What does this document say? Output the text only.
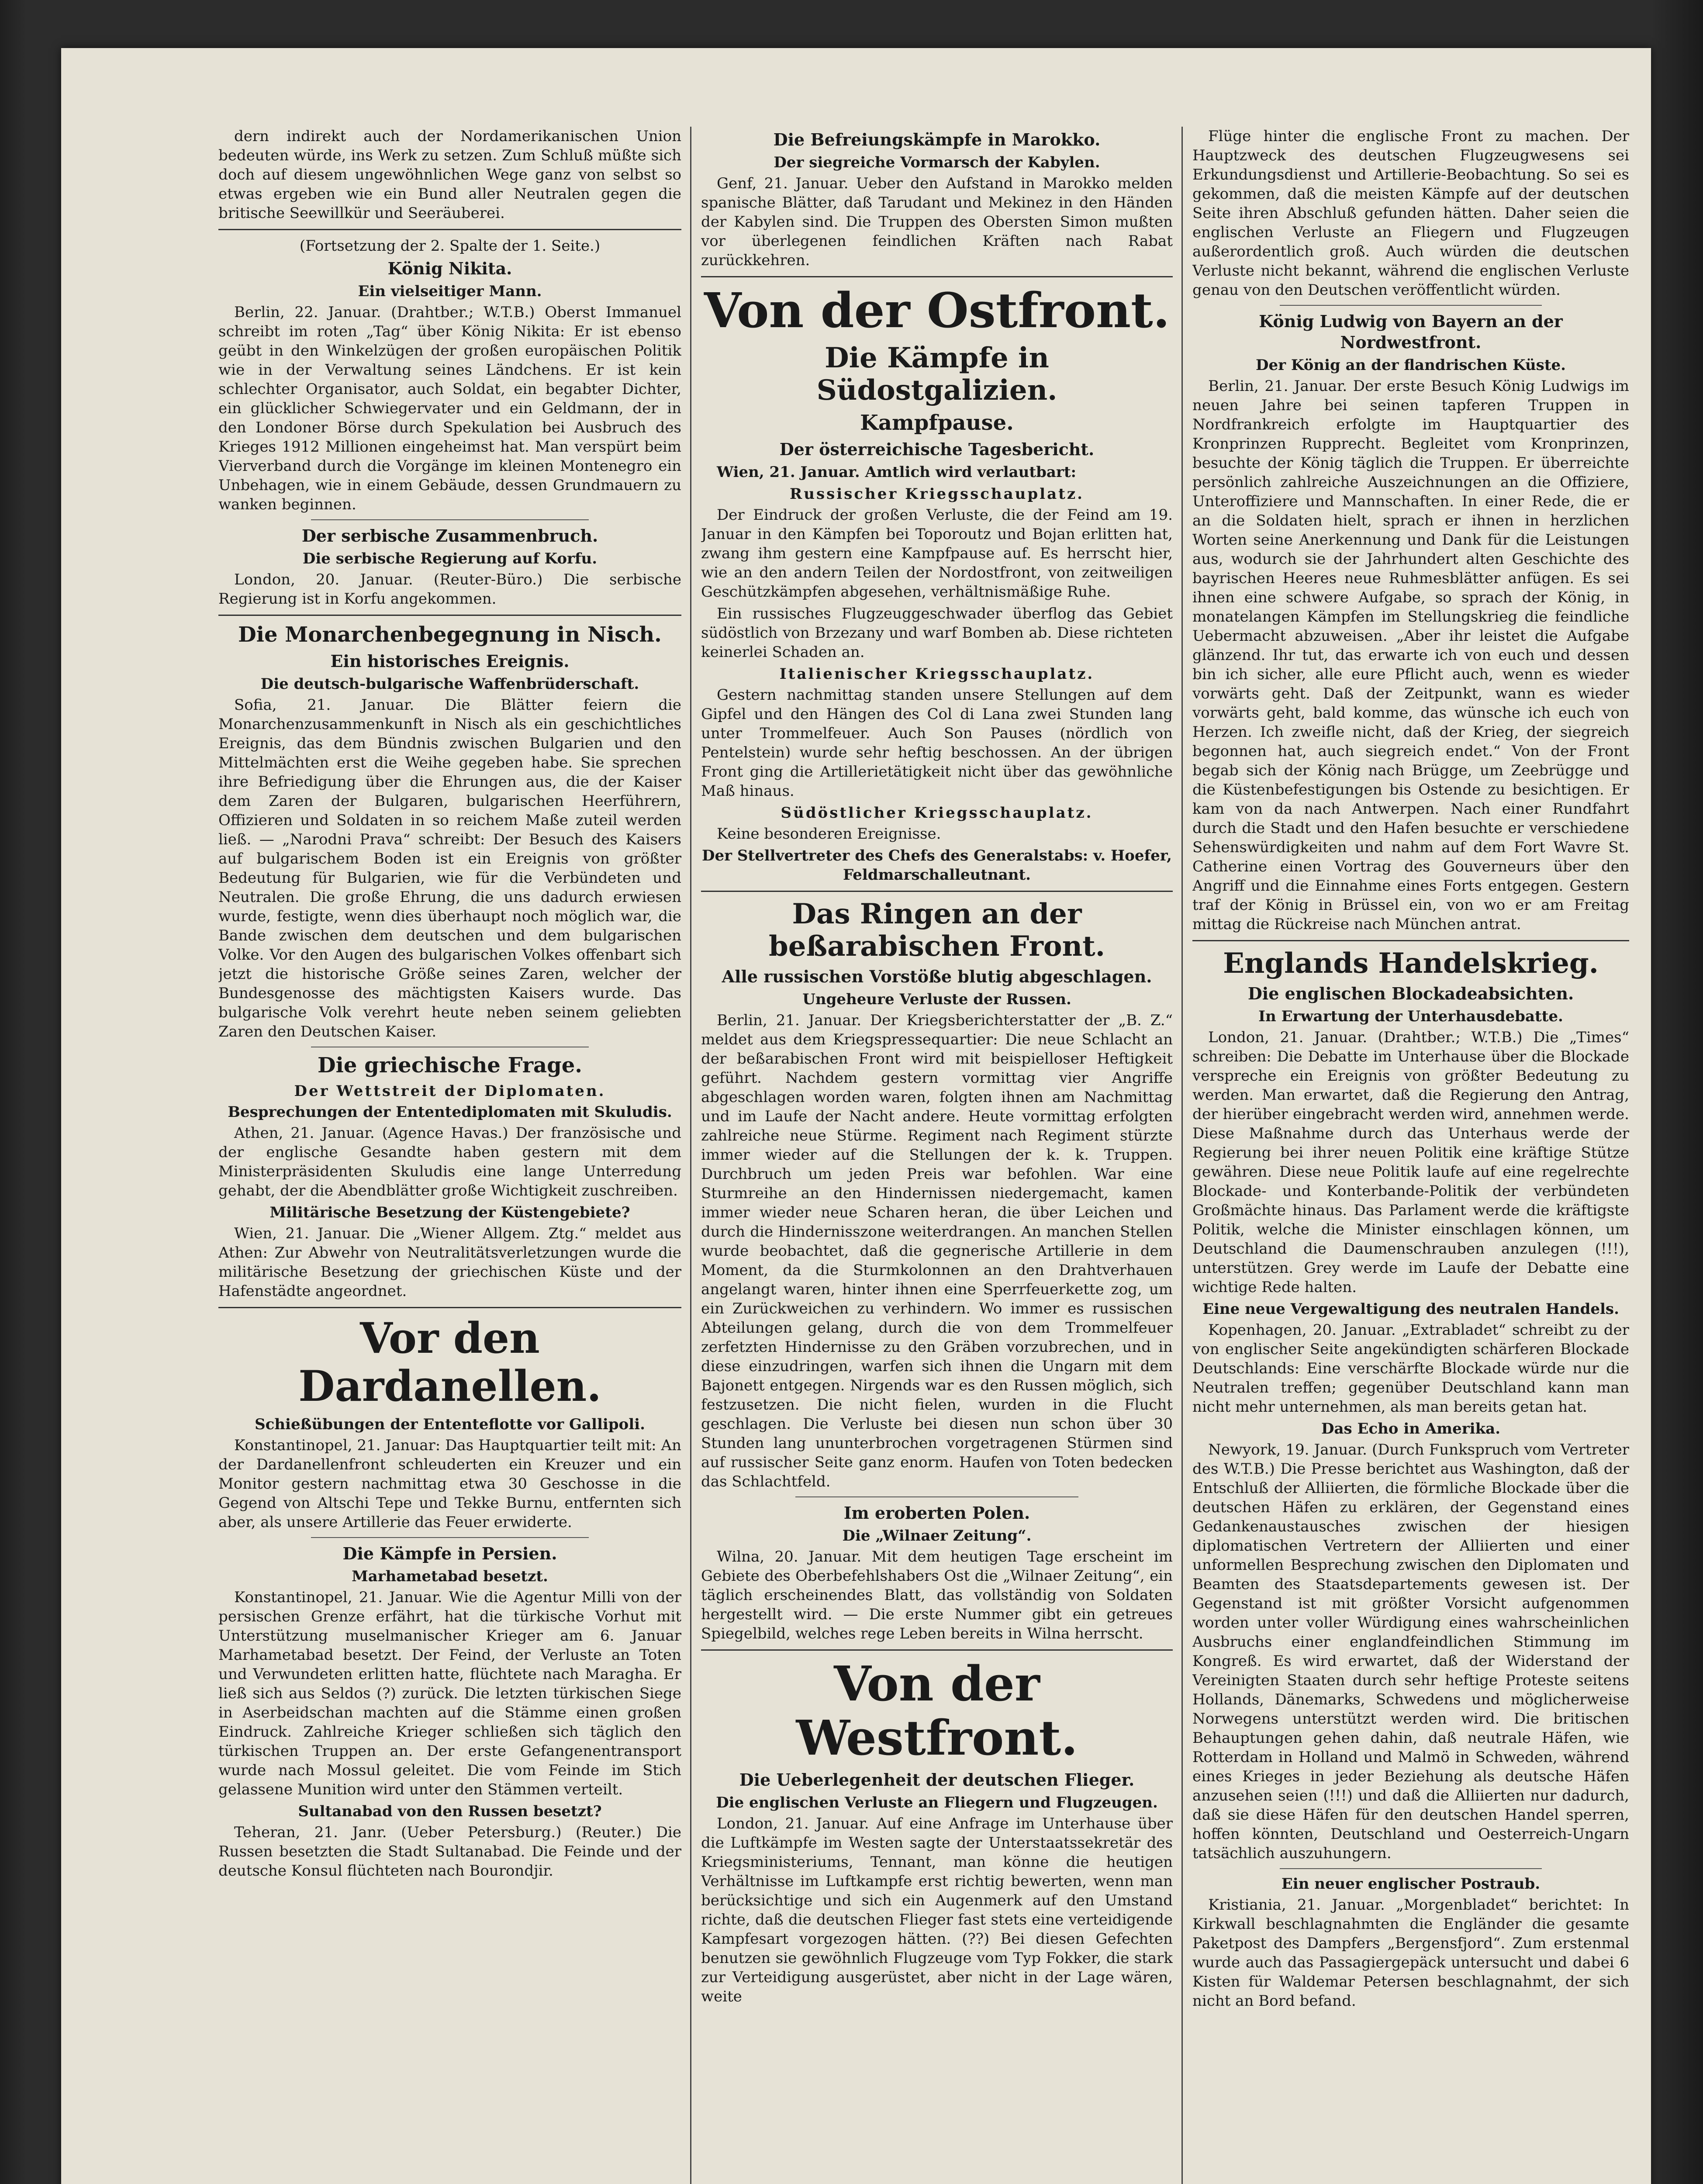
dern indirekt auch der Nordamerikanischen Union bedeuten würde, ins Werk zu setzen. Zum Schluß müßte sich doch auf diesem ungewöhnlichen Wege ganz von selbst so etwas ergeben wie ein Bund aller Neutralen gegen die britische Seewillkür und Seeräuberei.

(Fortsetzung der 2. Spalte der 1. Seite.)

König Nikita.
Ein vielseitiger Mann.

Berlin, 22. Januar. (Drahtber.; W.T.B.) Oberst Immanuel schreibt im roten „Tag“ über König Nikita: Er ist ebenso geübt in den Winkelzügen der großen europäischen Politik wie in der Verwaltung seines Ländchens. Er ist kein schlechter Organisator, auch Soldat, ein begabter Dichter, ein glücklicher Schwiegervater und ein Geldmann, der in den Londoner Börse durch Spekulation bei Ausbruch des Krieges 1912 Millionen eingeheimst hat. Man verspürt beim Vierverband durch die Vorgänge im kleinen Montenegro ein Unbehagen, wie in einem Gebäude, dessen Grundmauern zu wanken beginnen.

Der serbische Zusammenbruch.
Die serbische Regierung auf Korfu.

London, 20. Januar. (Reuter-Büro.) Die serbische Regierung ist in Korfu angekommen.

Die Monarchenbegegnung in Nisch.
Ein historisches Ereignis.
Die deutsch-bulgarische Waffenbrüderschaft.

Sofia, 21. Januar. Die Blätter feiern die Monarchenzusammenkunft in Nisch als ein geschichtliches Ereignis, das dem Bündnis zwischen Bulgarien und den Mittelmächten erst die Weihe gegeben habe. Sie sprechen ihre Befriedigung über die Ehrungen aus, die der Kaiser dem Zaren der Bulgaren, bulgarischen Heerführern, Offizieren und Soldaten in so reichem Maße zuteil werden ließ. — „Narodni Prava“ schreibt: Der Besuch des Kaisers auf bulgarischem Boden ist ein Ereignis von größter Bedeutung für Bulgarien, wie für die Verbündeten und Neutralen. Die große Ehrung, die uns dadurch erwiesen wurde, festigte, wenn dies überhaupt noch möglich war, die Bande zwischen dem deutschen und dem bulgarischen Volke. Vor den Augen des bulgarischen Volkes offenbart sich jetzt die historische Größe seines Zaren, welcher der Bundesgenosse des mächtigsten Kaisers wurde. Das bulgarische Volk verehrt heute neben seinem geliebten Zaren den Deutschen Kaiser.

Die griechische Frage.
Der Wettstreit der Diplomaten.
Besprechungen der Ententediplomaten mit Skuludis.

Athen, 21. Januar. (Agence Havas.) Der französische und der englische Gesandte haben gestern mit dem Ministerpräsidenten Skuludis eine lange Unterredung gehabt, der die Abendblätter große Wichtigkeit zuschreiben.

Militärische Besetzung der Küstengebiete?

Wien, 21. Januar. Die „Wiener Allgem. Ztg.“ meldet aus Athen: Zur Abwehr von Neutralitätsverletzungen wurde die militärische Besetzung der griechischen Küste und der Hafenstädte angeordnet.

Vor den Dardanellen.
Schießübungen der Ententeflotte vor Gallipoli.

Konstantinopel, 21. Januar: Das Hauptquartier teilt mit: An der Dardanellenfront schleuderten ein Kreuzer und ein Monitor gestern nachmittag etwa 30 Geschosse in die Gegend von Altschi Tepe und Tekke Burnu, entfernten sich aber, als unsere Artillerie das Feuer erwiderte.

Die Kämpfe in Persien.
Marhametabad besetzt.

Konstantinopel, 21. Januar. Wie die Agentur Milli von der persischen Grenze erfährt, hat die türkische Vorhut mit Unterstützung muselmanischer Krieger am 6. Januar Marhametabad besetzt. Der Feind, der Verluste an Toten und Verwundeten erlitten hatte, flüchtete nach Maragha. Er ließ sich aus Seldos (?) zurück. Die letzten türkischen Siege in Aserbeidschan machten auf die Stämme einen großen Eindruck. Zahlreiche Krieger schließen sich täglich den türkischen Truppen an. Der erste Gefangenentransport wurde nach Mossul geleitet. Die vom Feinde im Stich gelassene Munition wird unter den Stämmen verteilt.

Sultanabad von den Russen besetzt?

Teheran, 21. Janr. (Ueber Petersburg.) (Reuter.) Die Russen besetzten die Stadt Sultanabad. Die Feinde und der deutsche Konsul flüchteten nach Bourondjir.

Die Befreiungskämpfe in Marokko.
Der siegreiche Vormarsch der Kabylen.

Genf, 21. Januar. Ueber den Aufstand in Marokko melden spanische Blätter, daß Tarudant und Mekinez in den Händen der Kabylen sind. Die Truppen des Obersten Simon mußten vor überlegenen feindlichen Kräften nach Rabat zurückkehren.

Von der Ostfront.
Die Kämpfe in Südostgalizien.
Kampfpause.
Der österreichische Tagesbericht.

Wien, 21. Januar. Amtlich wird verlautbart:

Russischer Kriegsschauplatz.

Der Eindruck der großen Verluste, die der Feind am 19. Januar in den Kämpfen bei Toporoutz und Bojan erlitten hat, zwang ihm gestern eine Kampfpause auf. Es herrscht hier, wie an den andern Teilen der Nordostfront, von zeitweiligen Geschützkämpfen abgesehen, verhältnismäßige Ruhe.

Ein russisches Flugzeuggeschwader überflog das Gebiet südöstlich von Brzezany und warf Bomben ab. Diese richteten keinerlei Schaden an.

Italienischer Kriegsschauplatz.

Gestern nachmittag standen unsere Stellungen auf dem Gipfel und den Hängen des Col di Lana zwei Stunden lang unter Trommelfeuer. Auch Son Pauses (nördlich von Pentelstein) wurde sehr heftig beschossen. An der übrigen Front ging die Artillerietätigkeit nicht über das gewöhnliche Maß hinaus.

Südöstlicher Kriegsschauplatz.

Keine besonderen Ereignisse.

Der Stellvertreter des Chefs des Generalstabs: v. Hoefer, Feldmarschalleutnant.

Das Ringen an der beßarabischen Front.
Alle russischen Vorstöße blutig abgeschlagen.
Ungeheure Verluste der Russen.

Berlin, 21. Januar. Der Kriegsberichterstatter der „B. Z.“ meldet aus dem Kriegspressequartier: Die neue Schlacht an der beßarabischen Front wird mit beispielloser Heftigkeit geführt. Nachdem gestern vormittag vier Angriffe abgeschlagen worden waren, folgten ihnen am Nachmittag und im Laufe der Nacht andere. Heute vormittag erfolgten zahlreiche neue Stürme. Regiment nach Regiment stürzte immer wieder auf die Stellungen der k. k. Truppen. Durchbruch um jeden Preis war befohlen. War eine Sturmreihe an den Hindernissen niedergemacht, kamen immer wieder neue Scharen heran, die über Leichen und durch die Hindernisszone weiterdrangen. An manchen Stellen wurde beobachtet, daß die gegnerische Artillerie in dem Moment, da die Sturmkolonnen an den Drahtverhauen angelangt waren, hinter ihnen eine Sperrfeuerkette zog, um ein Zurückweichen zu verhindern. Wo immer es russischen Abteilungen gelang, durch die von dem Trommelfeuer zerfetzten Hindernisse zu den Gräben vorzubrechen, und in diese einzudringen, warfen sich ihnen die Ungarn mit dem Bajonett entgegen. Nirgends war es den Russen möglich, sich festzusetzen. Die nicht fielen, wurden in die Flucht geschlagen. Die Verluste bei diesen nun schon über 30 Stunden lang ununterbrochen vorgetragenen Stürmen sind auf russischer Seite ganz enorm. Haufen von Toten bedecken das Schlachtfeld.

Im eroberten Polen.
Die „Wilnaer Zeitung“.

Wilna, 20. Januar. Mit dem heutigen Tage erscheint im Gebiete des Oberbefehlshabers Ost die „Wilnaer Zeitung“, ein täglich erscheinendes Blatt, das vollständig von Soldaten hergestellt wird. — Die erste Nummer gibt ein getreues Spiegelbild, welches rege Leben bereits in Wilna herrscht.

Von der Westfront.
Die Ueberlegenheit der deutschen Flieger.
Die englischen Verluste an Fliegern und Flugzeugen.

London, 21. Januar. Auf eine Anfrage im Unterhause über die Luftkämpfe im Westen sagte der Unterstaatssekretär des Kriegsministeriums, Tennant, man könne die heutigen Verhältnisse im Luftkampfe erst richtig bewerten, wenn man berücksichtige und sich ein Augenmerk auf den Umstand richte, daß die deutschen Flieger fast stets eine verteidigende Kampfesart vorgezogen hätten. (??) Bei diesen Gefechten benutzen sie gewöhnlich Flugzeuge vom Typ Fokker, die stark zur Verteidigung ausgerüstet, aber nicht in der Lage wären, weite

Flüge hinter die englische Front zu machen. Der Hauptzweck des deutschen Flugzeugwesens sei Erkundungsdienst und Artillerie-Beobachtung. So sei es gekommen, daß die meisten Kämpfe auf der deutschen Seite ihren Abschluß gefunden hätten. Daher seien die englischen Verluste an Fliegern und Flugzeugen außerordentlich groß. Auch würden die deutschen Verluste nicht bekannt, während die englischen Verluste genau von den Deutschen veröffentlicht würden.

König Ludwig von Bayern an der Nordwestfront.
Der König an der flandrischen Küste.

Berlin, 21. Januar. Der erste Besuch König Ludwigs im neuen Jahre bei seinen tapferen Truppen in Nordfrankreich erfolgte im Hauptquartier des Kronprinzen Rupprecht. Begleitet vom Kronprinzen, besuchte der König täglich die Truppen. Er überreichte persönlich zahlreiche Auszeichnungen an die Offiziere, Unteroffiziere und Mannschaften. In einer Rede, die er an die Soldaten hielt, sprach er ihnen in herzlichen Worten seine Anerkennung und Dank für die Leistungen aus, wodurch sie der Jahrhundert alten Geschichte des bayrischen Heeres neue Ruhmesblätter anfügen. Es sei ihnen eine schwere Aufgabe, so sprach der König, in monatelangen Kämpfen im Stellungskrieg die feindliche Uebermacht abzuweisen. „Aber ihr leistet die Aufgabe glänzend. Ihr tut, das erwarte ich von euch und dessen bin ich sicher, alle eure Pflicht auch, wenn es wieder vorwärts geht. Daß der Zeitpunkt, wann es wieder vorwärts geht, bald komme, das wünsche ich euch von Herzen. Ich zweifle nicht, daß der Krieg, der siegreich begonnen hat, auch siegreich endet.“ Von der Front begab sich der König nach Brügge, um Zeebrügge und die Küstenbefestigungen bis Ostende zu besichtigen. Er kam von da nach Antwerpen. Nach einer Rundfahrt durch die Stadt und den Hafen besuchte er verschiedene Sehenswürdigkeiten und nahm auf dem Fort Wavre St. Catherine einen Vortrag des Gouverneurs über den Angriff und die Einnahme eines Forts entgegen. Gestern traf der König in Brüssel ein, von wo er am Freitag mittag die Rückreise nach München antrat.

Englands Handelskrieg.
Die englischen Blockadeabsichten.
In Erwartung der Unterhausdebatte.

London, 21. Januar. (Drahtber.; W.T.B.) Die „Times“ schreiben: Die Debatte im Unterhause über die Blockade verspreche ein Ereignis von größter Bedeutung zu werden. Man erwartet, daß die Regierung den Antrag, der hierüber eingebracht werden wird, annehmen werde. Diese Maßnahme durch das Unterhaus werde der Regierung bei ihrer neuen Politik eine kräftige Stütze gewähren. Diese neue Politik laufe auf eine regelrechte Blockade- und Konterbande-Politik der verbündeten Großmächte hinaus. Das Parlament werde die kräftigste Politik, welche die Minister einschlagen können, um Deutschland die Daumenschrauben anzulegen (!!!), unterstützen. Grey werde im Laufe der Debatte eine wichtige Rede halten.

Eine neue Vergewaltigung des neutralen Handels.

Kopenhagen, 20. Januar. „Extrabladet“ schreibt zu der von englischer Seite angekündigten schärferen Blockade Deutschlands: Eine verschärfte Blockade würde nur die Neutralen treffen; gegenüber Deutschland kann man nicht mehr unternehmen, als man bereits getan hat.

Das Echo in Amerika.

Newyork, 19. Januar. (Durch Funkspruch vom Vertreter des W.T.B.) Die Presse berichtet aus Washington, daß der Entschluß der Alliierten, die förmliche Blockade über die deutschen Häfen zu erklären, der Gegenstand eines Gedankenaustausches zwischen der hiesigen diplomatischen Vertretern der Alliierten und einer unformellen Besprechung zwischen den Diplomaten und Beamten des Staatsdepartements gewesen ist. Der Gegenstand ist mit größter Vorsicht aufgenommen worden unter voller Würdigung eines wahrscheinlichen Ausbruchs einer englandfeindlichen Stimmung im Kongreß. Es wird erwartet, daß der Widerstand der Vereinigten Staaten durch sehr heftige Proteste seitens Hollands, Dänemarks, Schwedens und möglicherweise Norwegens unterstützt werden wird. Die britischen Behauptungen gehen dahin, daß neutrale Häfen, wie Rotterdam in Holland und Malmö in Schweden, während eines Krieges in jeder Beziehung als deutsche Häfen anzusehen seien (!!!) und daß die Alliierten nur dadurch, daß sie diese Häfen für den deutschen Handel sperren, hoffen könnten, Deutschland und Oesterreich-Ungarn tatsächlich auszuhungern.

Ein neuer englischer Postraub.

Kristiania, 21. Januar. „Morgenbladet“ berichtet: In Kirkwall beschlagnahmten die Engländer die gesamte Paketpost des Dampfers „Bergensfjord“. Zum erstenmal wurde auch das Passagiergepäck untersucht und dabei 6 Kisten für Waldemar Petersen beschlagnahmt, der sich nicht an Bord befand.
